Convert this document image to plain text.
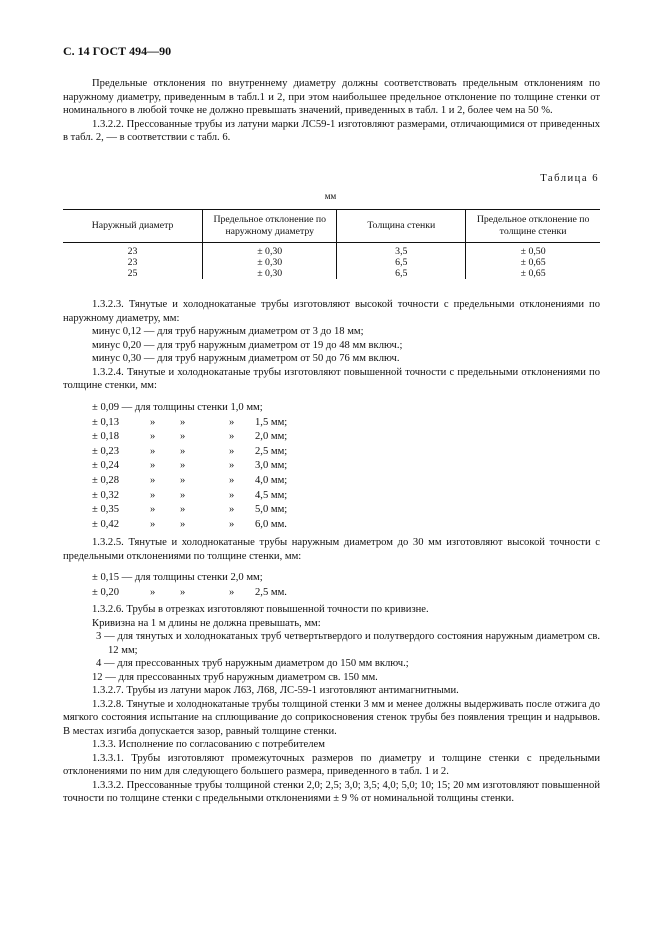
С. 14 ГОСТ 494—90

Предельные отклонения по внутреннему диаметру должны соответствовать предельным отклонениям по наружному диаметру, приведенным в табл.1 и 2, при этом наибольшее предельное отклонение по толщине стенки от номинального в любой точке не должно превышать значений, приведенных в табл. 1 и 2, более чем на 50 %.

1.3.2.2. Прессованные трубы из латуни марки ЛС59-1 изготовляют размерами, отличающимися от приведенных в табл. 2, — в соответствии с табл. 6.

Таблица 6
мм
Наружный диаметр	Предельное отклонение по наружному диаметру	Толщина стенки	Предельное отклонение по толщине стенки
23	± 0,30	3,5	± 0,50
23	± 0,30	6,5	± 0,65
25	± 0,30	6,5	± 0,65

1.3.2.3. Тянутые и холоднокатаные трубы изготовляют высокой точности с предельными отклонениями по наружному диаметру, мм:

минус 0,12 — для труб наружным диаметром от 3 до 18 мм;
минус 0,20 — для труб наружным диаметром от 19 до 48 мм включ.;
минус 0,30 — для труб наружным диаметром от 50 до 76 мм включ.

1.3.2.4. Тянутые и холоднокатаные трубы изготовляют повышенной точности с предельными отклонениями по толщине стенки, мм:

± 0,09 — для толщины стенки 1,0 мм;
± 0,13	» »	» 1,5 мм;
± 0,18	» »	» 2,0 мм;
± 0,23	» »	» 2,5 мм;
± 0,24	» »	» 3,0 мм;
± 0,28	» »	» 4,0 мм;
± 0,32	» »	» 4,5 мм;
± 0,35	» »	» 5,0 мм;
± 0,42	» »	» 6,0 мм.

1.3.2.5. Тянутые и холоднокатаные трубы наружным диаметром до 30 мм изготовляют высокой точности с предельными отклонениями по толщине стенки, мм:

± 0,15 — для толщины стенки 2,0 мм;
± 0,20	» »	» 2,5 мм.

1.3.2.6. Трубы в отрезках изготовляют повышенной точности по кривизне.

Кривизна на 1 м длины не должна превышать, мм:

3 — для тянутых и холоднокатаных труб четвертьтвердого и полутвердого состояния наружным диаметром св. 12 мм;

4 — для прессованных труб наружным диаметром до 150 мм включ.;

12 — для прессованных труб наружным диаметром св. 150 мм.

1.3.2.7. Трубы из латуни марок Л63, Л68, ЛС-59-1 изготовляют антимагнитными.

1.3.2.8. Тянутые и холоднокатаные трубы толщиной стенки 3 мм и менее должны выдерживать после отжига до мягкого состояния испытание на сплющивание до соприкосновения стенок трубы без появления трещин и надрывов. В местах изгиба допускается зазор, равный толщине стенки.

1.3.3. Исполнение по согласованию с потребителем

1.3.3.1. Трубы изготовляют промежуточных размеров по диаметру и толщине стенки с предельными отклонениями по ним для следующего большего размера, приведенного в табл. 1 и 2.

1.3.3.2. Прессованные трубы толщиной стенки 2,0; 2,5; 3,0; 3,5; 4,0; 5,0; 10; 15; 20 мм изготовляют повышенной точности по толщине стенки с предельными отклонениями ± 9 % от номинальной толщины стенки.
